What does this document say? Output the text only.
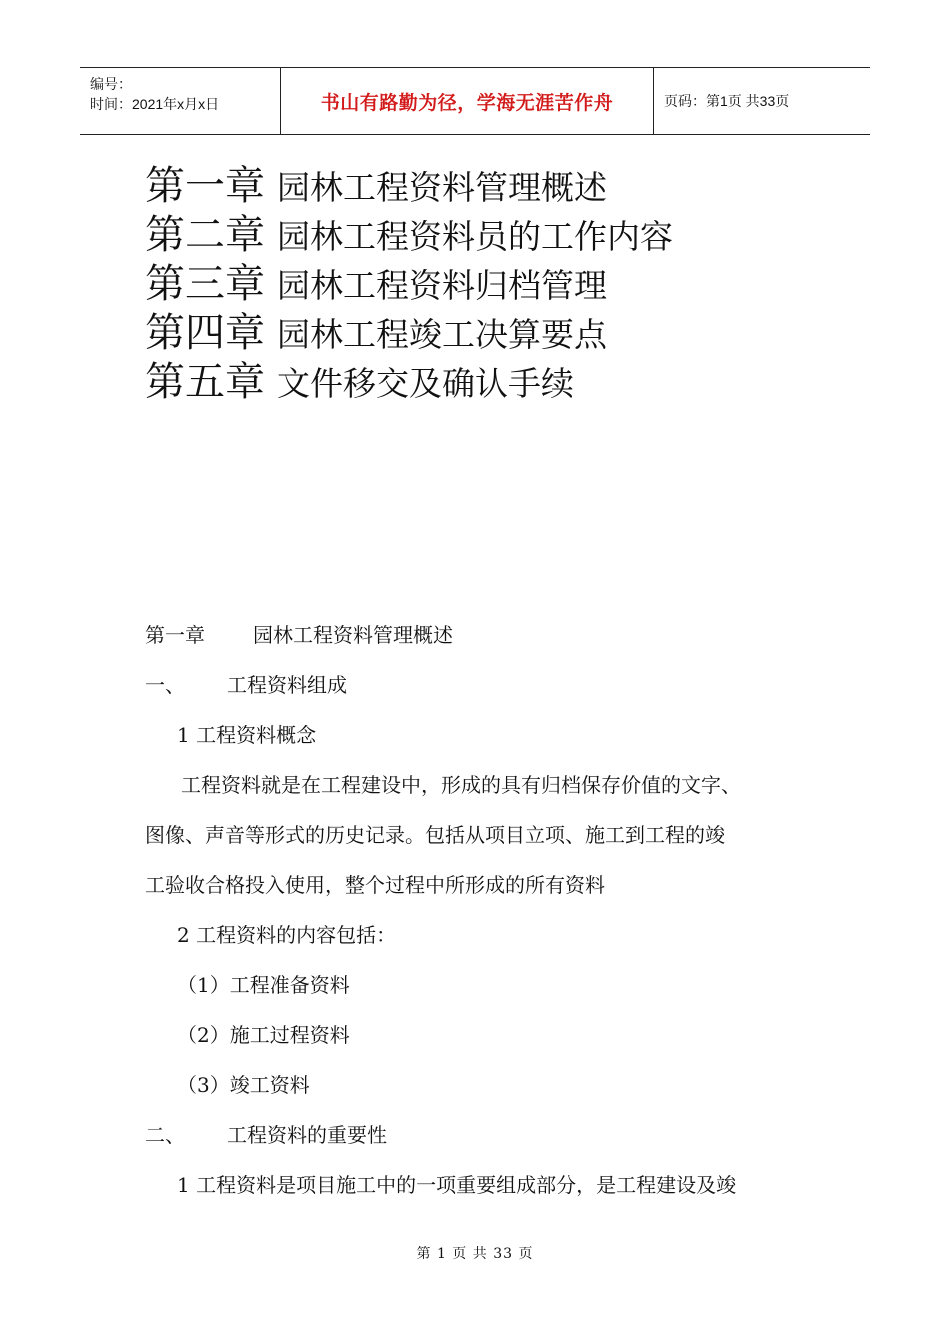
编号：
时间：2021年x月x日	书山有路勤为径，学海无涯苦作舟	页码：第1页 共33页
第一章 园林工程资料管理概述
第二章 园林工程资料员的工作内容
第三章 园林工程资料归档管理
第四章 园林工程竣工决算要点
第五章 文件移交及确认手续
第一章 园林工程资料管理概述
一、 工程资料组成
1 工程资料概念
工程资料就是在工程建设中，形成的具有归档保存价值的文字、
图像、声音等形式的历史记录。包括从项目立项、施工到工程的竣
工验收合格投入使用，整个过程中所形成的所有资料
2 工程资料的内容包括：
（1）工程准备资料
（2）施工过程资料
（3）竣工资料
二、 工程资料的重要性
1 工程资料是项目施工中的一项重要组成部分，是工程建设及竣
第 1 页 共 33 页
